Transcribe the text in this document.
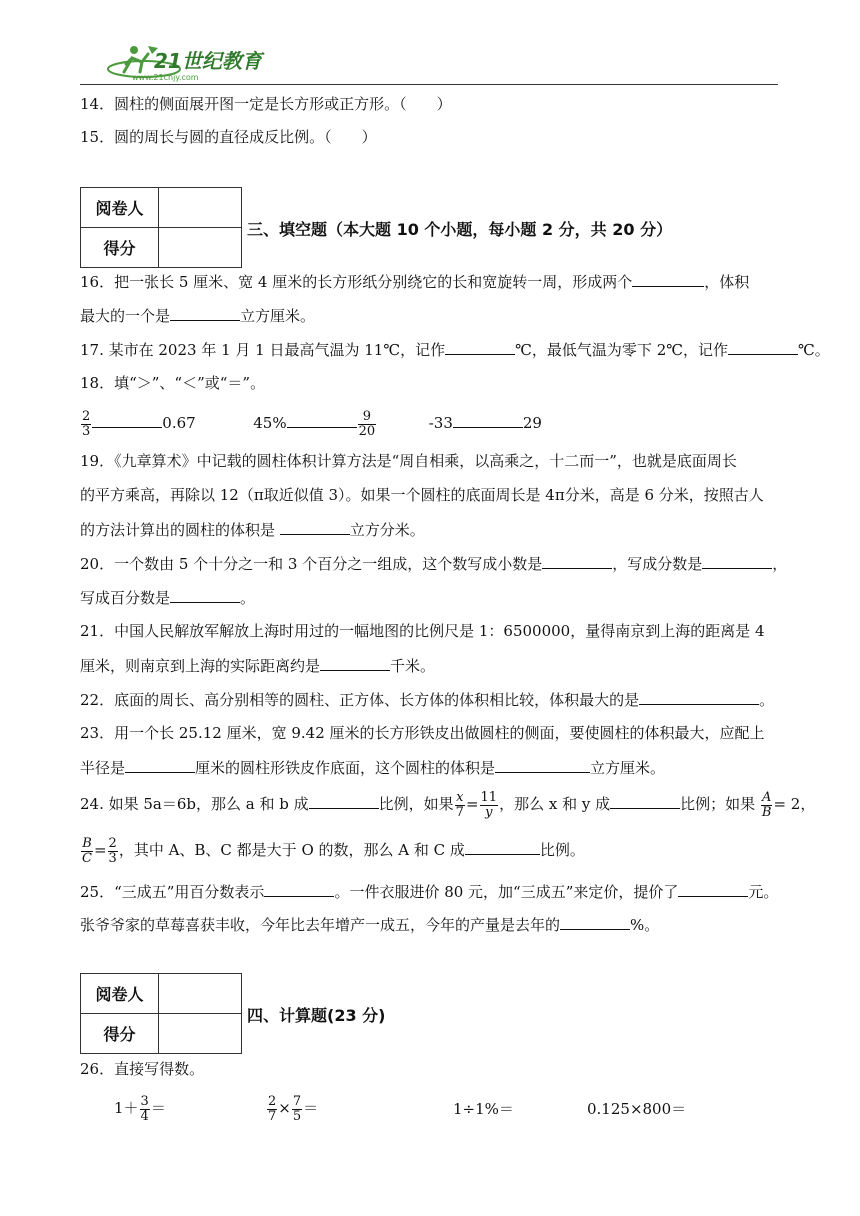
21世纪教育
www.21cnjy.com
14．圆柱的侧面展开图一定是长方形或正方形。（　　）
15．圆的周长与圆的直径成反比例。（　　）
阅卷人	
得分	
三、填空题（本大题 10 个小题，每小题 2 分，共 20 分）
16．把一张长 5 厘米、宽 4 厘米的长方形纸分别绕它的长和宽旋转一周，形成两个	，体积
最大的一个是	立方厘米。
17. 某市在 2023 年 1 月 1 日最高气温为 11℃，记作	℃，最低气温为零下 2℃，记作	℃。
18．填“＞”、“＜”或“＝”。
$\frac{2}{3}$	0.67	45%	$\frac{9}{20}$	-33	29
19．《九章算术》中记载的圆柱体积计算方法是“周自相乘，以高乘之，十二而一”，也就是底面周长
的平方乘高，再除以 12（π取近似值 3）。如果一个圆柱的底面周长是 4π分米，高是 6 分米，按照古人
的方法计算出的圆柱的体积是	立方分米。
20．一个数由 5 个十分之一和 3 个百分之一组成，这个数写成小数是	，写成分数是	，
写成百分数是	。
21．中国人民解放军解放上海时用过的一幅地图的比例尺是 1：6500000，量得南京到上海的距离是 4
厘米，则南京到上海的实际距离约是	千米。
22．底面的周长、高分别相等的圆柱、正方体、长方体的体积相比较，体积最大的是	。
23．用一个长 25.12 厘米，宽 9.42 厘米的长方形铁皮出做圆柱的侧面，要使圆柱的体积最大，应配上
半径是	厘米的圆柱形铁皮作底面，这个圆柱的体积是	立方厘米。
24. 如果 5a＝6b，那么 a 和 b 成	比例，如果 $\frac{x}{7} = \frac{11}{y}$ ，那么 x 和 y 成	比例；如果 $\frac{A}{B} = 2$，
$\frac{B}{C} = \frac{2}{3}$ ，其中 A、B、C 都是大于 O 的数，那么 A 和 C 成	比例。
25．“三成五”用百分数表示	。一件衣服进价 80 元，加“三成五”来定价，提价了	元。
张爷爷家的草莓喜获丰收，今年比去年增产一成五，今年的产量是去年的	%。
阅卷人	
得分	
四、计算题(23 分)
26．直接写得数。
$1+ \frac{3}{4}$ ＝	$\frac{2}{7} \times \frac{7}{5}$ ＝	1÷1%＝	0.125×800＝
